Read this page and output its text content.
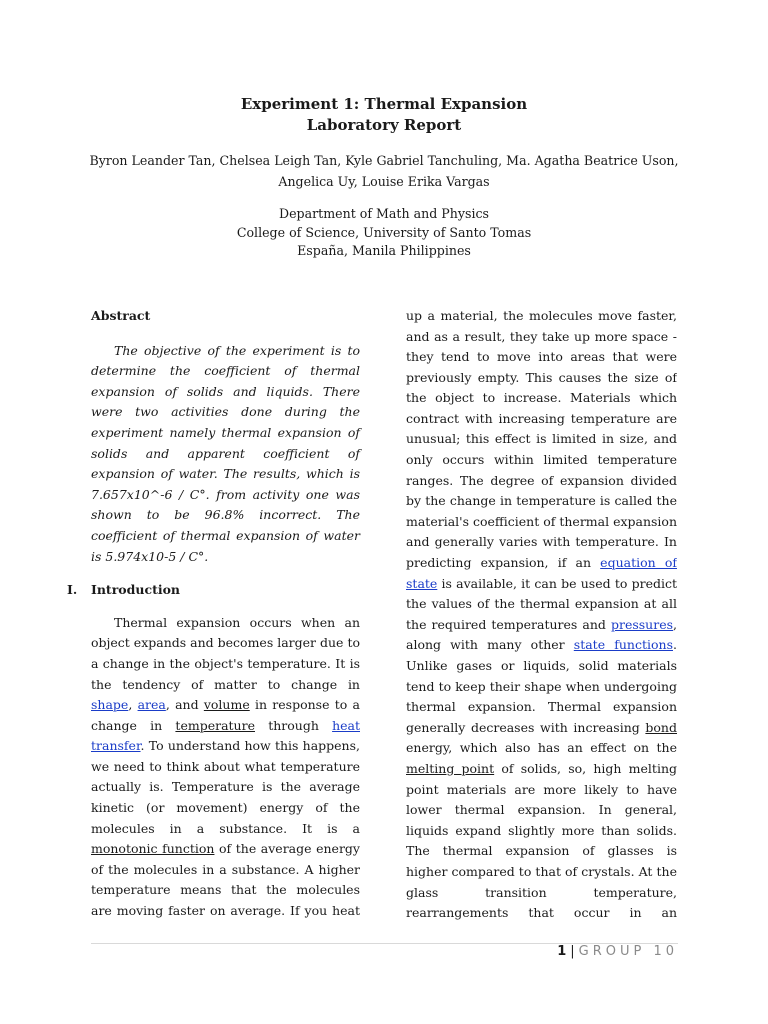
Experiment 1: Thermal Expansion
Laboratory Report
Byron Leander Tan, Chelsea Leigh Tan, Kyle Gabriel Tanchuling, Ma. Agatha Beatrice Uson,
Angelica Uy, Louise Erika Vargas
Department of Math and Physics
College of Science, University of Santo Tomas
España, Manila Philippines
Abstract

The objective of the experiment is to determine the coefficient of thermal expansion of solids and liquids. There were two activities done during the experiment namely thermal expansion of solids and apparent coefficient of expansion of water. The results, which is 7.657x10^-6 / C°. from activity one was shown to be 96.8% incorrect. The coefficient of thermal expansion of water is 5.974x10-5 / C°.

I. Introduction

Thermal expansion occurs when an object expands and becomes larger due to a change in the object's temperature. It is the tendency of matter to change in shape, area, and volume in response to a change in temperature through heat transfer. To understand how this happens, we need to think about what temperature actually is. Temperature is the average kinetic (or movement) energy of the molecules in a substance. It is a monotonic function of the average energy of the molecules in a substance. A higher temperature means that the molecules are moving faster on average. If you heat

up a material, the molecules move faster, and as a result, they take up more space - they tend to move into areas that were previously empty. This causes the size of the object to increase. Materials which contract with increasing temperature are unusual; this effect is limited in size, and only occurs within limited temperature ranges. The degree of expansion divided by the change in temperature is called the material's coefficient of thermal expansion and generally varies with temperature. In predicting expansion, if an equation of state is available, it can be used to predict the values of the thermal expansion at all the required temperatures and pressures, along with many other state functions. Unlike gases or liquids, solid materials tend to keep their shape when undergoing thermal expansion. Thermal expansion generally decreases with increasing bond energy, which also has an effect on the melting point of solids, so, high melting point materials are more likely to have lower thermal expansion. In general, liquids expand slightly more than solids. The thermal expansion of glasses is higher compared to that of crystals. At the glass transition temperature, rearrangements that occur in an

1 | GROUP 10
